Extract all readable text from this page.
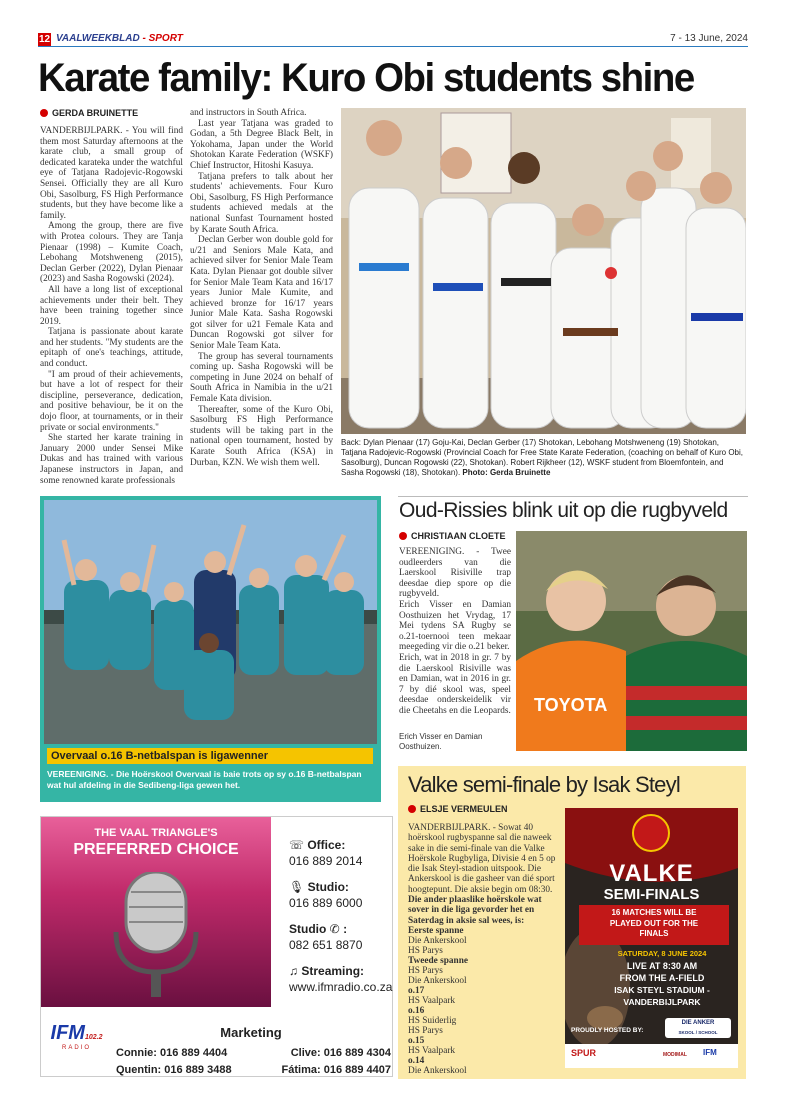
12 VAALWEEKBLAD - SPORT	7 - 13 June, 2024
Karate family: Kuro Obi students shine
GERDA BRUINETTE

VANDERBIJLPARK. - You will find them most Saturday afternoons at the karate club, a small group of dedicated karateka under the watchful eye of Tatjana Radojevic-Rogowski Sensei. Officially they are all Kuro Obi, Sasolburg, FS High Performance students, but they have become like a family.

Among the group, there are five with Protea colours. They are Tanja Pienaar (1998) – Kumite Coach, Lebohang Motshweneng (2015), Declan Gerber (2022), Dylan Pienaar (2023) and Sasha Rogowski (2024).

All have a long list of exceptional achievements under their belt. They have been training together since 2019.

Tatjana is passionate about karate and her students. "My students are the epitaph of one's teachings, attitude, and conduct.

"I am proud of their achievements, but have a lot of respect for their discipline, perseverance, dedication, and positive behaviour, be it on the dojo floor, at tournaments, or in their private or social environments."

She started her karate training in January 2000 under Sensei Mike Dukas and has trained with various Japanese instructors in Japan, and some renowned karate professionals

and instructors in South Africa.

Last year Tatjana was graded to Godan, a 5th Degree Black Belt, in Yokohama, Japan under the World Shotokan Karate Federation (WSKF) Chief Instructor, Hitoshi Kasuya.

Tatjana prefers to talk about her students' achievements. Four Kuro Obi, Sasolburg, FS High Performance students achieved medals at the national Sunfast Tournament hosted by Karate South Africa.

Declan Gerber won double gold for u/21 and Seniors Male Kata, and achieved silver for Senior Male Team Kata. Dylan Pienaar got double silver for Senior Male Team Kata and 16/17 years Junior Male Kumite, and achieved bronze for 16/17 years Junior Male Kata. Sasha Rogowski got silver for u21 Female Kata and Duncan Rogowski got silver for Senior Male Team Kata.

The group has several tournaments coming up. Sasha Rogowski will be competing in June 2024 on behalf of South Africa in Namibia in the u/21 Female Kata division.

Thereafter, some of the Kuro Obi, Sasolburg FS High Performance students will be taking part in the national open tournament, hosted by Karate South Africa (KSA) in Durban, KZN. We wish them well.

Back: Dylan Pienaar (17) Goju-Kai, Declan Gerber (17) Shotokan, Lebohang Motshweneng (19) Shotokan, Tatjana Radojevic-Rogowski (Provincial Coach for Free State Karate Federation, (coaching on behalf of Kuro Obi, Sasolburg), Duncan Rogowski (22), Shotokan). Robert Rijkheer (12), WSKF student from Bloemfontein, and Sasha Rogowski (18), Shotokan). Photo: Gerda Bruinette
Overvaal o.16 B-netbalspan is ligawenner
VEREENIGING. - Die Hoërskool Overvaal is baie trots op sy o.16 B-netbalspan wat hul afdeling in die Sedibeng-liga gewen het.
Oud-Rissies blink uit op die rugbyveld
CHRISTIAAN CLOETE

VEREENIGING. - Twee oudleerders van die Laerskool Risiville trap deesdae diep spore op die rugbyveld.

Erich Visser en Damian Oosthuizen het Vrydag, 17 Mei tydens SA Rugby se o.21-toernooi teen mekaar meegeding vir die o.21 beker.

Erich, wat in 2018 in gr. 7 by die Laerskool Risiville was en Damian, wat in 2016 in gr. 7 by dié skool was, speel deesdae onderskeidelik vir die Cheetahs en die Leopards.

Erich Visser en Damian Oosthuizen.
TOYOTA
Valke semi-finale by Isak Steyl
ELSJE VERMEULEN
VANDERBIJLPARK. - Sowat 40 hoërskool rugbyspanne sal die naweek sake in die semi-finale van die Valke Hoërskole Rugbyliga, Divisie 4 en 5 op die Isak Steyl-stadion uitspook. Die Ankerskool is die gasheer van dié sport hoogtepunt. Die aksie begin om 08:30. Die ander plaaslike hoërskole wat sover in die liga gevorder het en Saterdag in aksie sal wees, is:
Eerste spanne
Die Ankerskool
HS Parys
Tweede spanne
HS Parys
Die Ankerskool
o.17
HS Vaalpark
o.16
HS Suiderlig
HS Parys
o.15
HS Vaalpark
o.14
Die Ankerskool
VALKE
SEMI-FINALS
16 MATCHES WILL BE
PLAYED OUT FOR THE
FINALS
SATURDAY, 8 JUNE 2024
LIVE AT 8:30 AM
FROM THE A-FIELD
ISAK STEYL STADIUM -
VANDERBIJLPARK
PROUDLY HOSTED BY:
DIE ANKER
SKOOL / SCHOOL
SPUR	MODIMAL IFM
THE VAAL TRIANGLE'S
PREFERRED CHOICE	☏ Office:
016 889 2014
🎙 Studio:
016 889 6000
Studio ✆ :
082 651 8870
♫ Streaming:
www.ifmradio.co.za
IFM102.2
RADIO
Marketing
Connie: 016 889 4404	Clive: 016 889 4304
Quentin: 016 889 3488	Fátima: 016 889 4407
